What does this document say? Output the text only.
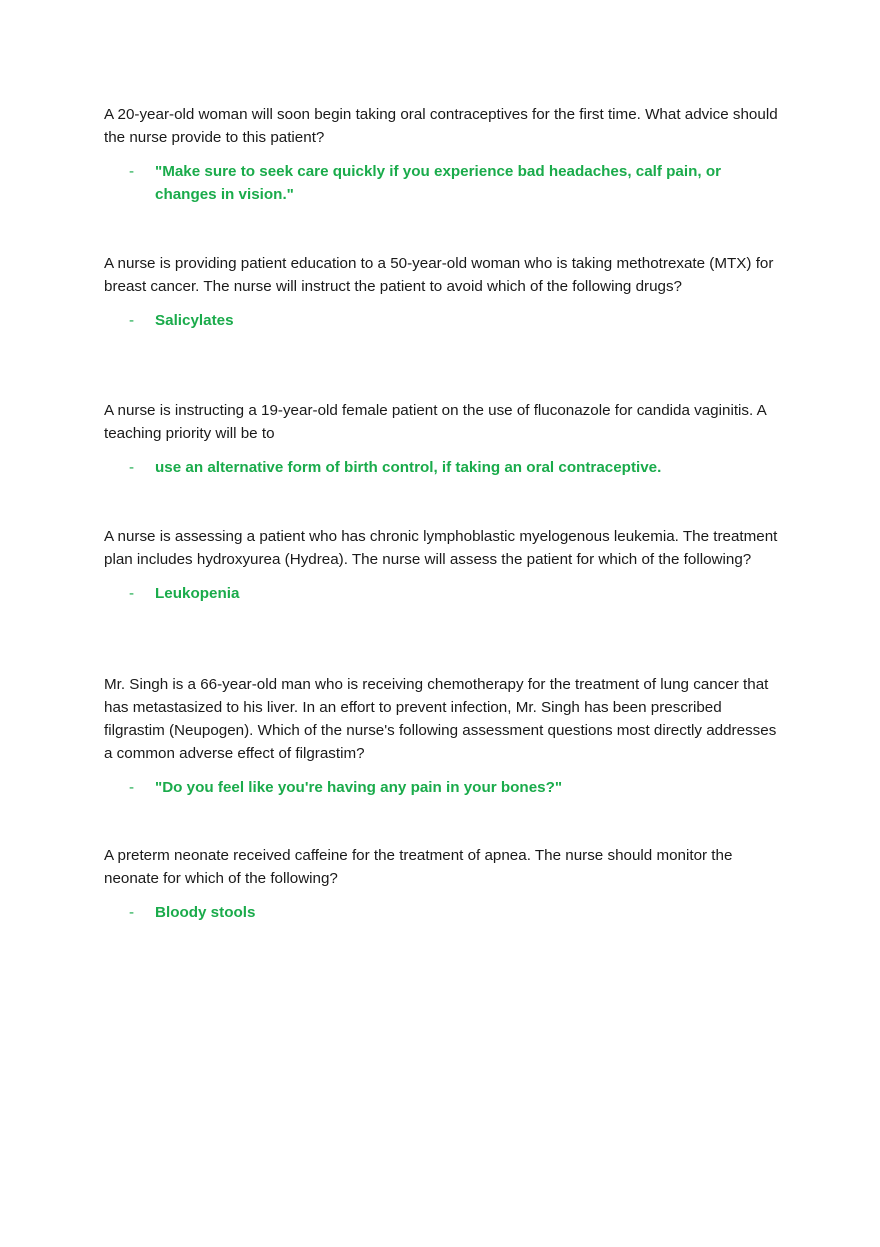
A 20-year-old woman will soon begin taking oral contraceptives for the first time. What advice should the nurse provide to this patient?

- "Make sure to seek care quickly if you experience bad headaches, calf pain, or changes in vision."

A nurse is providing patient education to a 50-year-old woman who is taking methotrexate (MTX) for breast cancer. The nurse will instruct the patient to avoid which of the following drugs?

- Salicylates

A nurse is instructing a 19-year-old female patient on the use of fluconazole for candida vaginitis. A teaching priority will be to

- use an alternative form of birth control, if taking an oral contraceptive.

A nurse is assessing a patient who has chronic lymphoblastic myelogenous leukemia. The treatment plan includes hydroxyurea (Hydrea). The nurse will assess the patient for which of the following?

- Leukopenia

Mr. Singh is a 66-year-old man who is receiving chemotherapy for the treatment of lung cancer that has metastasized to his liver. In an effort to prevent infection, Mr. Singh has been prescribed filgrastim (Neupogen). Which of the nurse's following assessment questions most directly addresses a common adverse effect of filgrastim?

- "Do you feel like you're having any pain in your bones?"

A preterm neonate received caffeine for the treatment of apnea. The nurse should monitor the neonate for which of the following?

- Bloody stools
